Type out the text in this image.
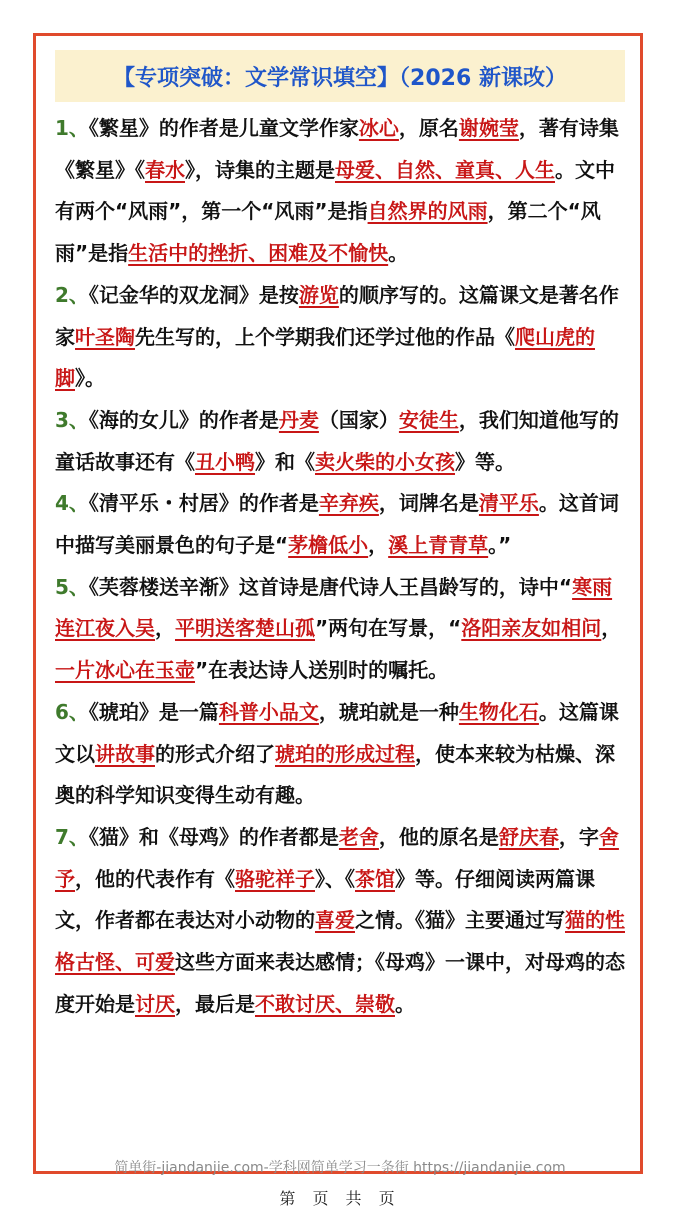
【专项突破：文学常识填空】（2026 新课改）

1、《繁星》的作者是儿童文学作家冰心，原名谢婉莹，著有诗集《繁星》《春水》，诗集的主题是母爱、自然、童真、人生。文中有两个“风雨”，第一个“风雨”是指自然界的风雨，第二个“风雨”是指生活中的挫折、困难及不愉快。

2、《记金华的双龙洞》是按游览的顺序写的。这篇课文是著名作家叶圣陶先生写的，上个学期我们还学过他的作品《爬山虎的脚》。

3、《海的女儿》的作者是丹麦（国家）安徒生，我们知道他写的童话故事还有《丑小鸭》和《卖火柴的小女孩》等。

4、《清平乐・村居》的作者是辛弃疾，词牌名是清平乐。这首词中描写美丽景色的句子是“茅檐低小，溪上青青草。”

5、《芙蓉楼送辛渐》这首诗是唐代诗人王昌龄写的，诗中“寒雨连江夜入吴，平明送客楚山孤”两句在写景，“洛阳亲友如相问，一片冰心在玉壶”在表达诗人送别时的嘱托。

6、《琥珀》是一篇科普小品文，琥珀就是一种生物化石。这篇课文以讲故事的形式介绍了琥珀的形成过程，使本来较为枯燥、深奥的科学知识变得生动有趣。

7、《猫》和《母鸡》的作者都是老舍，他的原名是舒庆春，字舍予，他的代表作有《骆驼祥子》、《茶馆》等。仔细阅读两篇课文，作者都在表达对小动物的喜爱之情。《猫》主要通过写猫的性格古怪、可爱这些方面来表达感情；《母鸡》一课中，对母鸡的态度开始是讨厌，最后是不敢讨厌、崇敬。

简单街-jiandanjie.com-学科网简单学习一条街 https://jiandanjie.com
第 页 共 页
